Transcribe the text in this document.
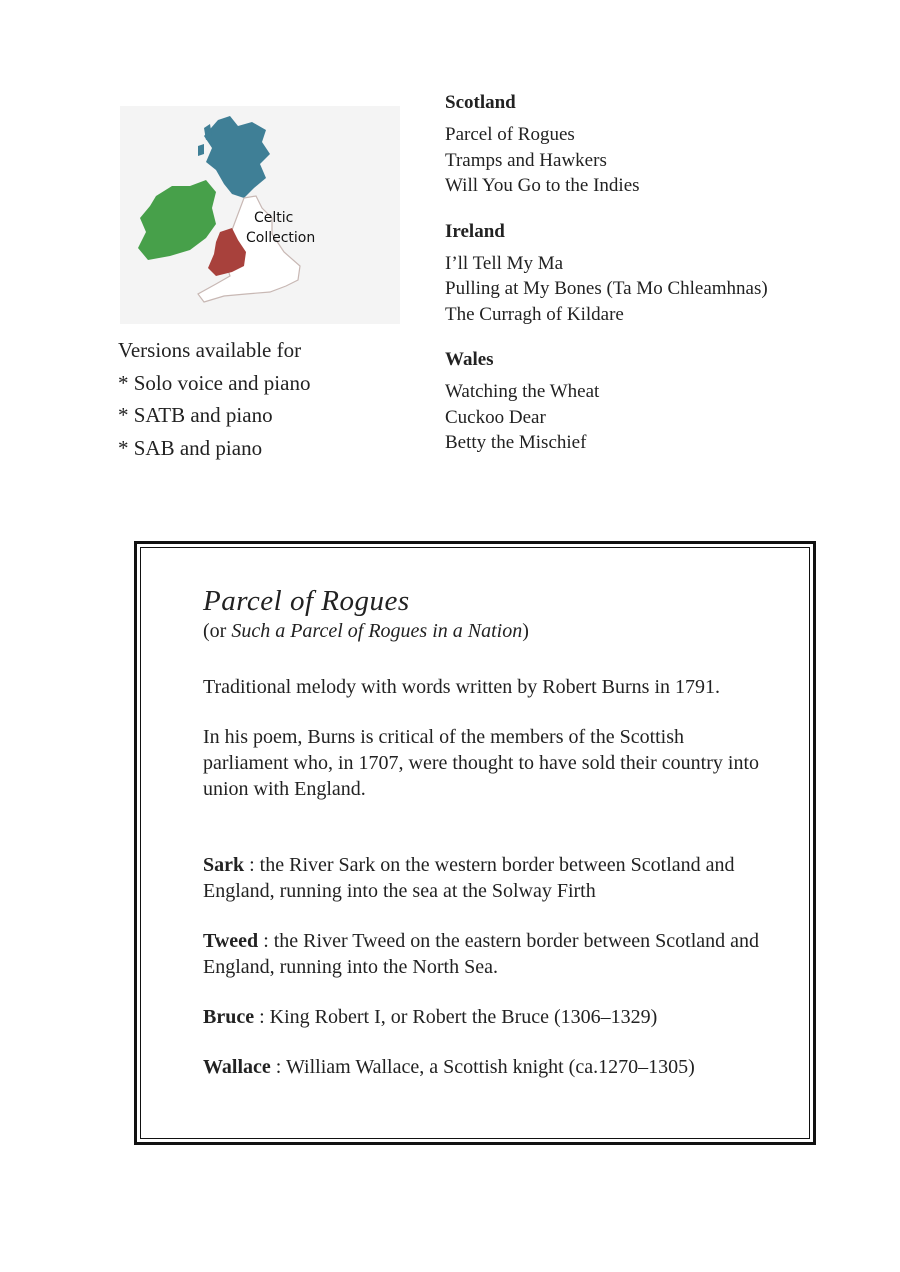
Celtic
Collection
Versions available for
* Solo voice and piano
* SATB and piano
* SAB and piano
Scotland
Parcel of Rogues
Tramps and Hawkers
Will You Go to the Indies
Ireland
I’ll Tell My Ma
Pulling at My Bones (Ta Mo Chleamhnas)
The Curragh of Kildare
Wales
Watching the Wheat
Cuckoo Dear
Betty the Mischief
Parcel of Rogues
(or Such a Parcel of Rogues in a Nation)
Traditional melody with words written by Robert Burns in 1791.
In his poem, Burns is critical of the members of the Scottish parliament who, in 1707, were thought to have sold their country into union with England.
Sark : the River Sark on the western border between Scotland and England, running into the sea at the Solway Firth
Tweed : the River Tweed on the eastern border between Scotland and England, running into the North Sea.
Bruce : King Robert I, or Robert the Bruce (1306–1329)
Wallace : William Wallace, a Scottish knight (ca.1270–1305)
